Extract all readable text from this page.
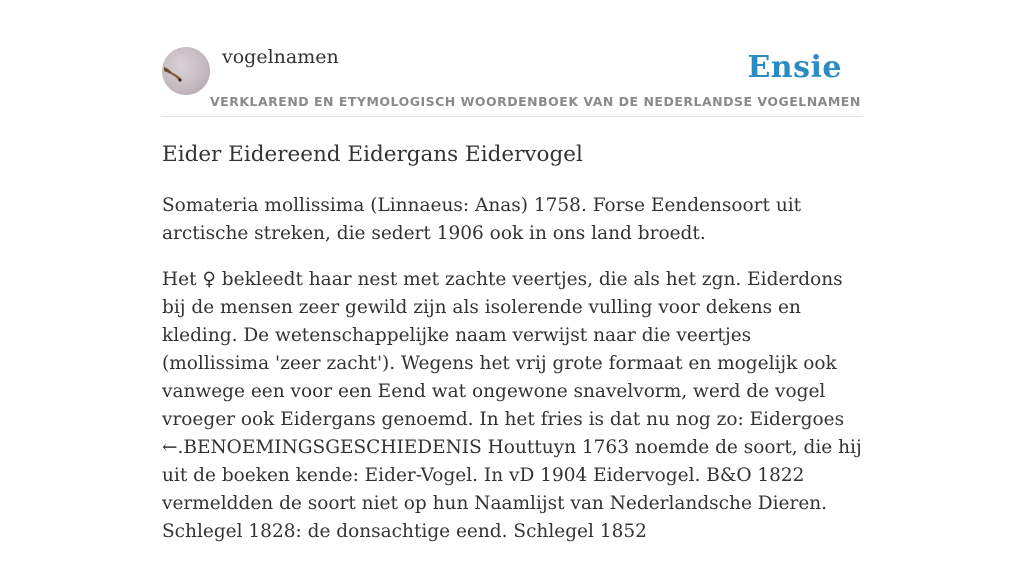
vogelnamen	Ensie
VERKLAREND EN ETYMOLOGISCH WOORDENBOEK VAN DE NEDERLANDSE VOGELNAMEN
Eider Eidereend Eidergans Eidervogel

Somateria mollissima (Linnaeus: Anas) 1758. Forse Eendensoort uit arctische streken, die sedert 1906 ook in ons land broedt.

Het ♀ bekleedt haar nest met zachte veertjes, die als het zgn. Eiderdons bij de mensen zeer gewild zijn als isolerende vulling voor dekens en kleding. De wetenschappelijke naam verwijst naar die veertjes (mollissima 'zeer zacht'). Wegens het vrij grote formaat en mogelijk ook vanwege een voor een Eend wat ongewone snavelvorm, werd de vogel vroeger ook Eidergans genoemd. In het fries is dat nu nog zo: Eidergoes ←.BENOEMINGSGESCHIEDENIS Houttuyn 1763 noemde de soort, die hij uit de boeken kende: Eider-Vogel. In vD 1904 Eidervogel. B&O 1822 vermeldden de soort niet op hun Naamlijst van Nederlandsche Dieren. Schlegel 1828: de donsachtige eend. Schlegel 1852
